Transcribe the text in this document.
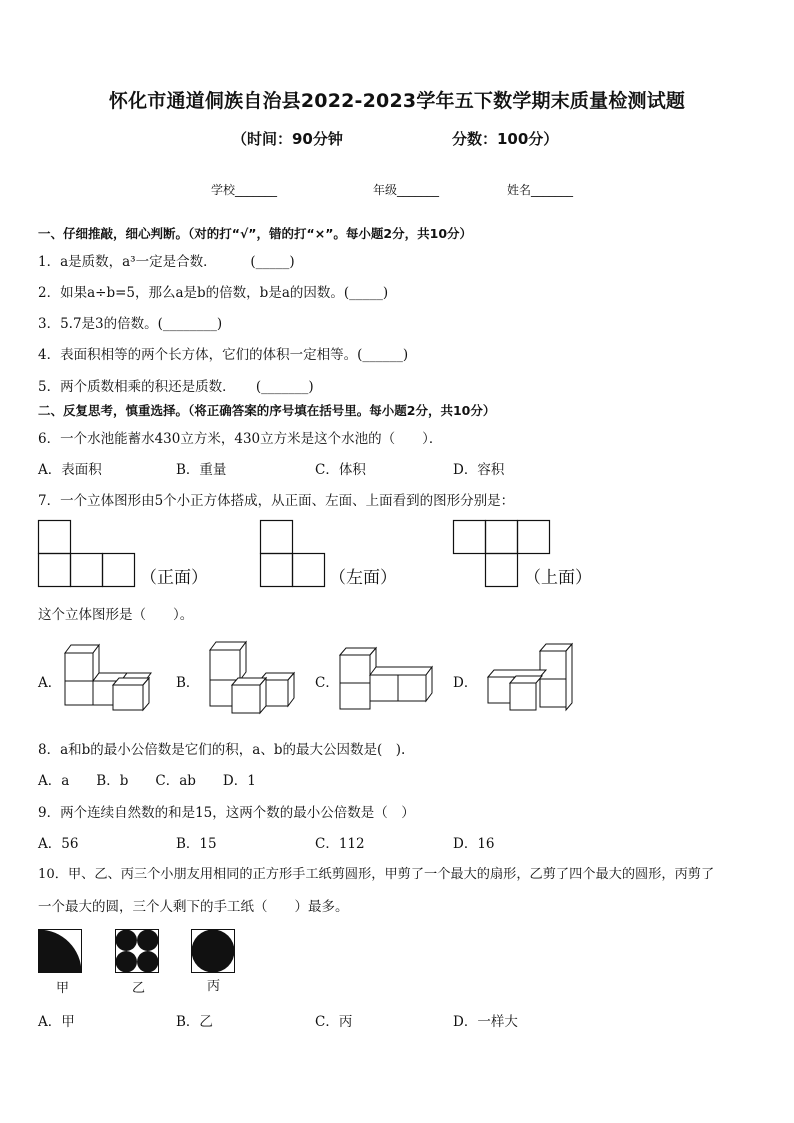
怀化市通道侗族自治县2022-2023学年五下数学期末质量检测试题
（时间：90分钟	分数：100分）
学校_______	年级_______	姓名_______
一、仔细推敲，细心判断。（对的打“√”，错的打“×”。每小题2分，共10分）
1．a是质数，a³一定是合数．　　　(_____)
2．如果a÷b=5，那么a是b的倍数，b是a的因数。(_____)
3．5.7是3的倍数。(________)
4．表面积相等的两个长方体，它们的体积一定相等。(______)
5．两个质数相乘的积还是质数．　　(_______)
二、反复思考，慎重选择。（将正确答案的序号填在括号里。每小题2分，共10分）
6．一个水池能蓄水430立方米，430立方米是这个水池的（　　）．
A．表面积	B．重量	C．体积	D．容积
7．一个立体图形由5个小正方体搭成，从正面、左面、上面看到的图形分别是：
（正面）	（左面）	（上面）
这个立体图形是（　　）。
A．	B．	C．	D．
8．a和b的最小公倍数是它们的积，a、b的最大公因数是(　).
A．a　　B．b　　C．ab　　D．1
9．两个连续自然数的和是15，这两个数的最小公倍数是（　）
A．56	B．15	C．112	D．16
10．甲、乙、丙三个小朋友用相同的正方形手工纸剪圆形，甲剪了一个最大的扇形，乙剪了四个最大的圆形，丙剪了
一个最大的圆，三个人剩下的手工纸（　　）最多。
甲	乙	丙
A．甲	B．乙	C．丙	D．一样大
